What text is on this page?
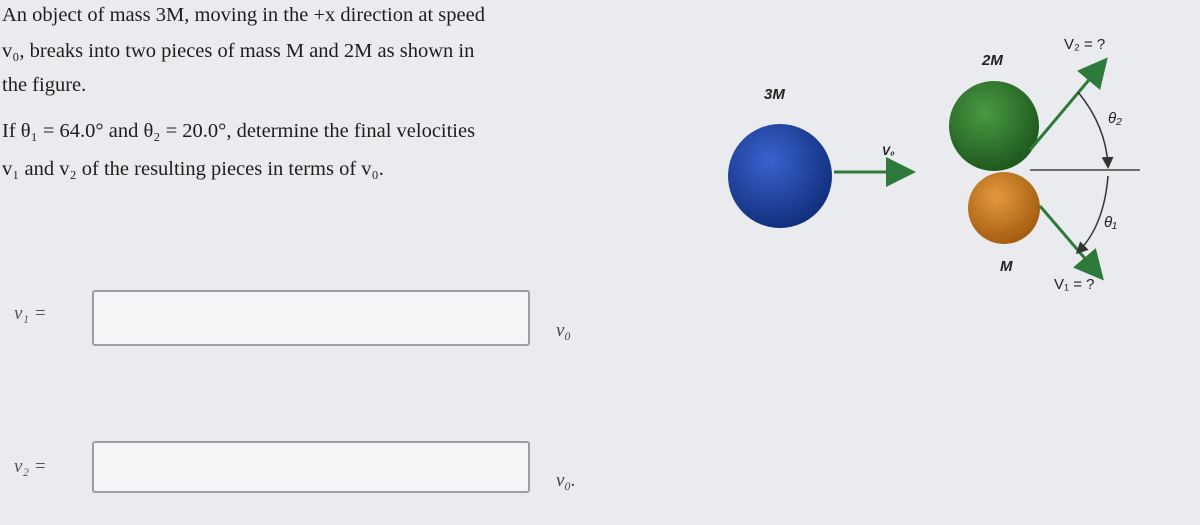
An object of mass 3M, moving in the +x direction at speed
v₀, breaks into two pieces of mass M and 2M as shown in
the figure.
If θ₁ = 64.0° and θ₂ = 20.0°, determine the final velocities
v₁ and v₂ of the resulting pieces in terms of v₀.
v₁ =
v₀
v₂ =
v₀.
3M
V₀
2M
M
V₂ = ?
V₁ = ?
θ₂
θ₁
